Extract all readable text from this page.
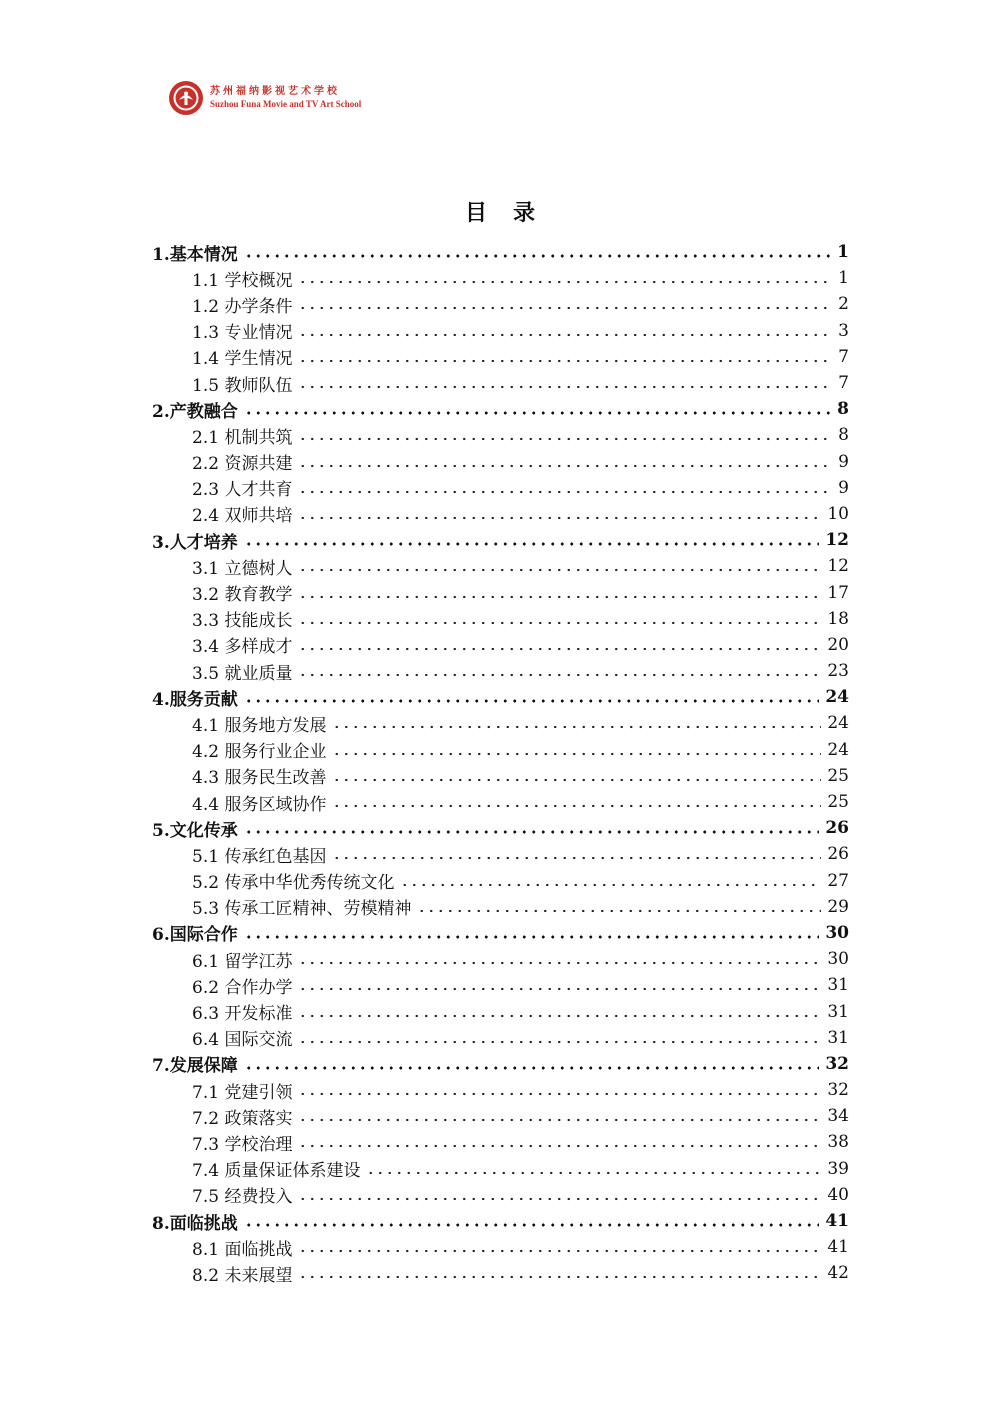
苏州福纳影视艺术学校
Suzhou Funa Movie and TV Art School
目录
1.基本情况	1
1.1 学校概况	1
1.2 办学条件	2
1.3 专业情况	3
1.4 学生情况	7
1.5 教师队伍	7
2.产教融合	8
2.1 机制共筑	8
2.2 资源共建	9
2.3 人才共育	9
2.4 双师共培	10
3.人才培养	12
3.1 立德树人	12
3.2 教育教学	17
3.3 技能成长	18
3.4 多样成才	20
3.5 就业质量	23
4.服务贡献	24
4.1 服务地方发展	24
4.2 服务行业企业	24
4.3 服务民生改善	25
4.4 服务区域协作	25
5.文化传承	26
5.1 传承红色基因	26
5.2 传承中华优秀传统文化	27
5.3 传承工匠精神、劳模精神	29
6.国际合作	30
6.1 留学江苏	30
6.2 合作办学	31
6.3 开发标准	31
6.4 国际交流	31
7.发展保障	32
7.1 党建引领	32
7.2 政策落实	34
7.3 学校治理	38
7.4 质量保证体系建设	39
7.5 经费投入	40
8.面临挑战	41
8.1 面临挑战	41
8.2 未来展望	42
